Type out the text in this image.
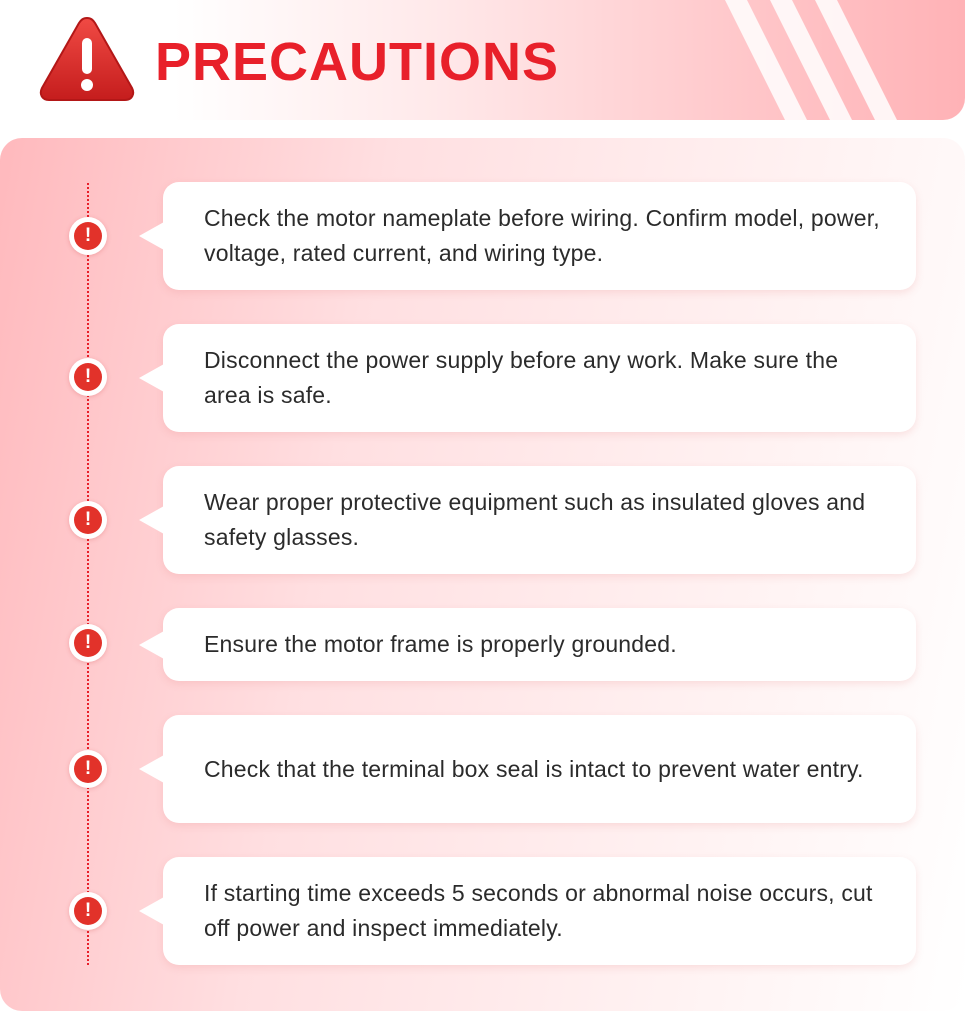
PRECAUTIONS
!
Check the motor nameplate before wiring. Confirm model, power, voltage, rated current, and wiring type.
!
Disconnect the power supply before any work. Make sure the area is safe.
!
Wear proper protective equipment such as insulated gloves and safety glasses.
!	Ensure the motor frame is properly grounded.
!	Check that the terminal box seal is intact to prevent water entry.
!
If starting time exceeds 5 seconds or abnormal noise occurs, cut off power and inspect immediately.
